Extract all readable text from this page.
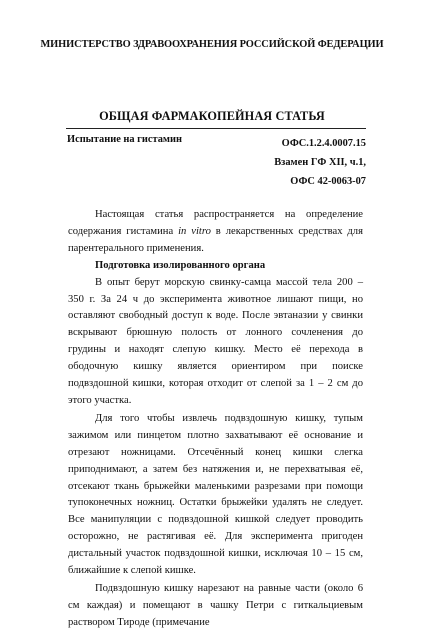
МИНИСТЕРСТВО ЗДРАВООХРАНЕНИЯ РОССИЙСКОЙ ФЕДЕРАЦИИ
ОБЩАЯ ФАРМАКОПЕЙНАЯ СТАТЬЯ
Испытание на гистамин	ОФС.1.2.4.0007.15
Взамен ГФ XII, ч.1,
ОФС 42-0063-07

Настоящая статья распространяется на определение содержания гистамина in vitro в лекарственных средствах для парентерального применения.

Подготовка изолированного органа

В опыт берут морскую свинку-самца массой тела 200 – 350 г. За 24 ч до эксперимента животное лишают пищи, но оставляют свободный доступ к воде. После эвтаназии у свинки вскрывают брюшную полость от лонного сочленения до грудины и находят слепую кишку. Место её перехода в ободочную кишку является ориентиром при поиске подвздошной кишки, которая отходит от слепой за 1 – 2 см до этого участка.

Для того чтобы извлечь подвздошную кишку, тупым зажимом или пинцетом плотно захватывают её основание и отрезают ножницами. Отсечённый конец кишки слегка приподнимают, а затем без натяжения и, не перехватывая её, отсекают ткань брыжейки маленькими разрезами при помощи тупоконечных ножниц. Остатки брыжейки удалять не следует. Все манипуляции с подвздошной кишкой следует проводить осторожно, не растягивая её. Для эксперимента пригоден дистальный участок подвздошной кишки, исключая 10 – 15 см, ближайшие к слепой кишке.

Подвздошную кишку нарезают на равные части (около 6 см каждая) и помещают в чашку Петри с гиткальциевым раствором Тироде (примечание
